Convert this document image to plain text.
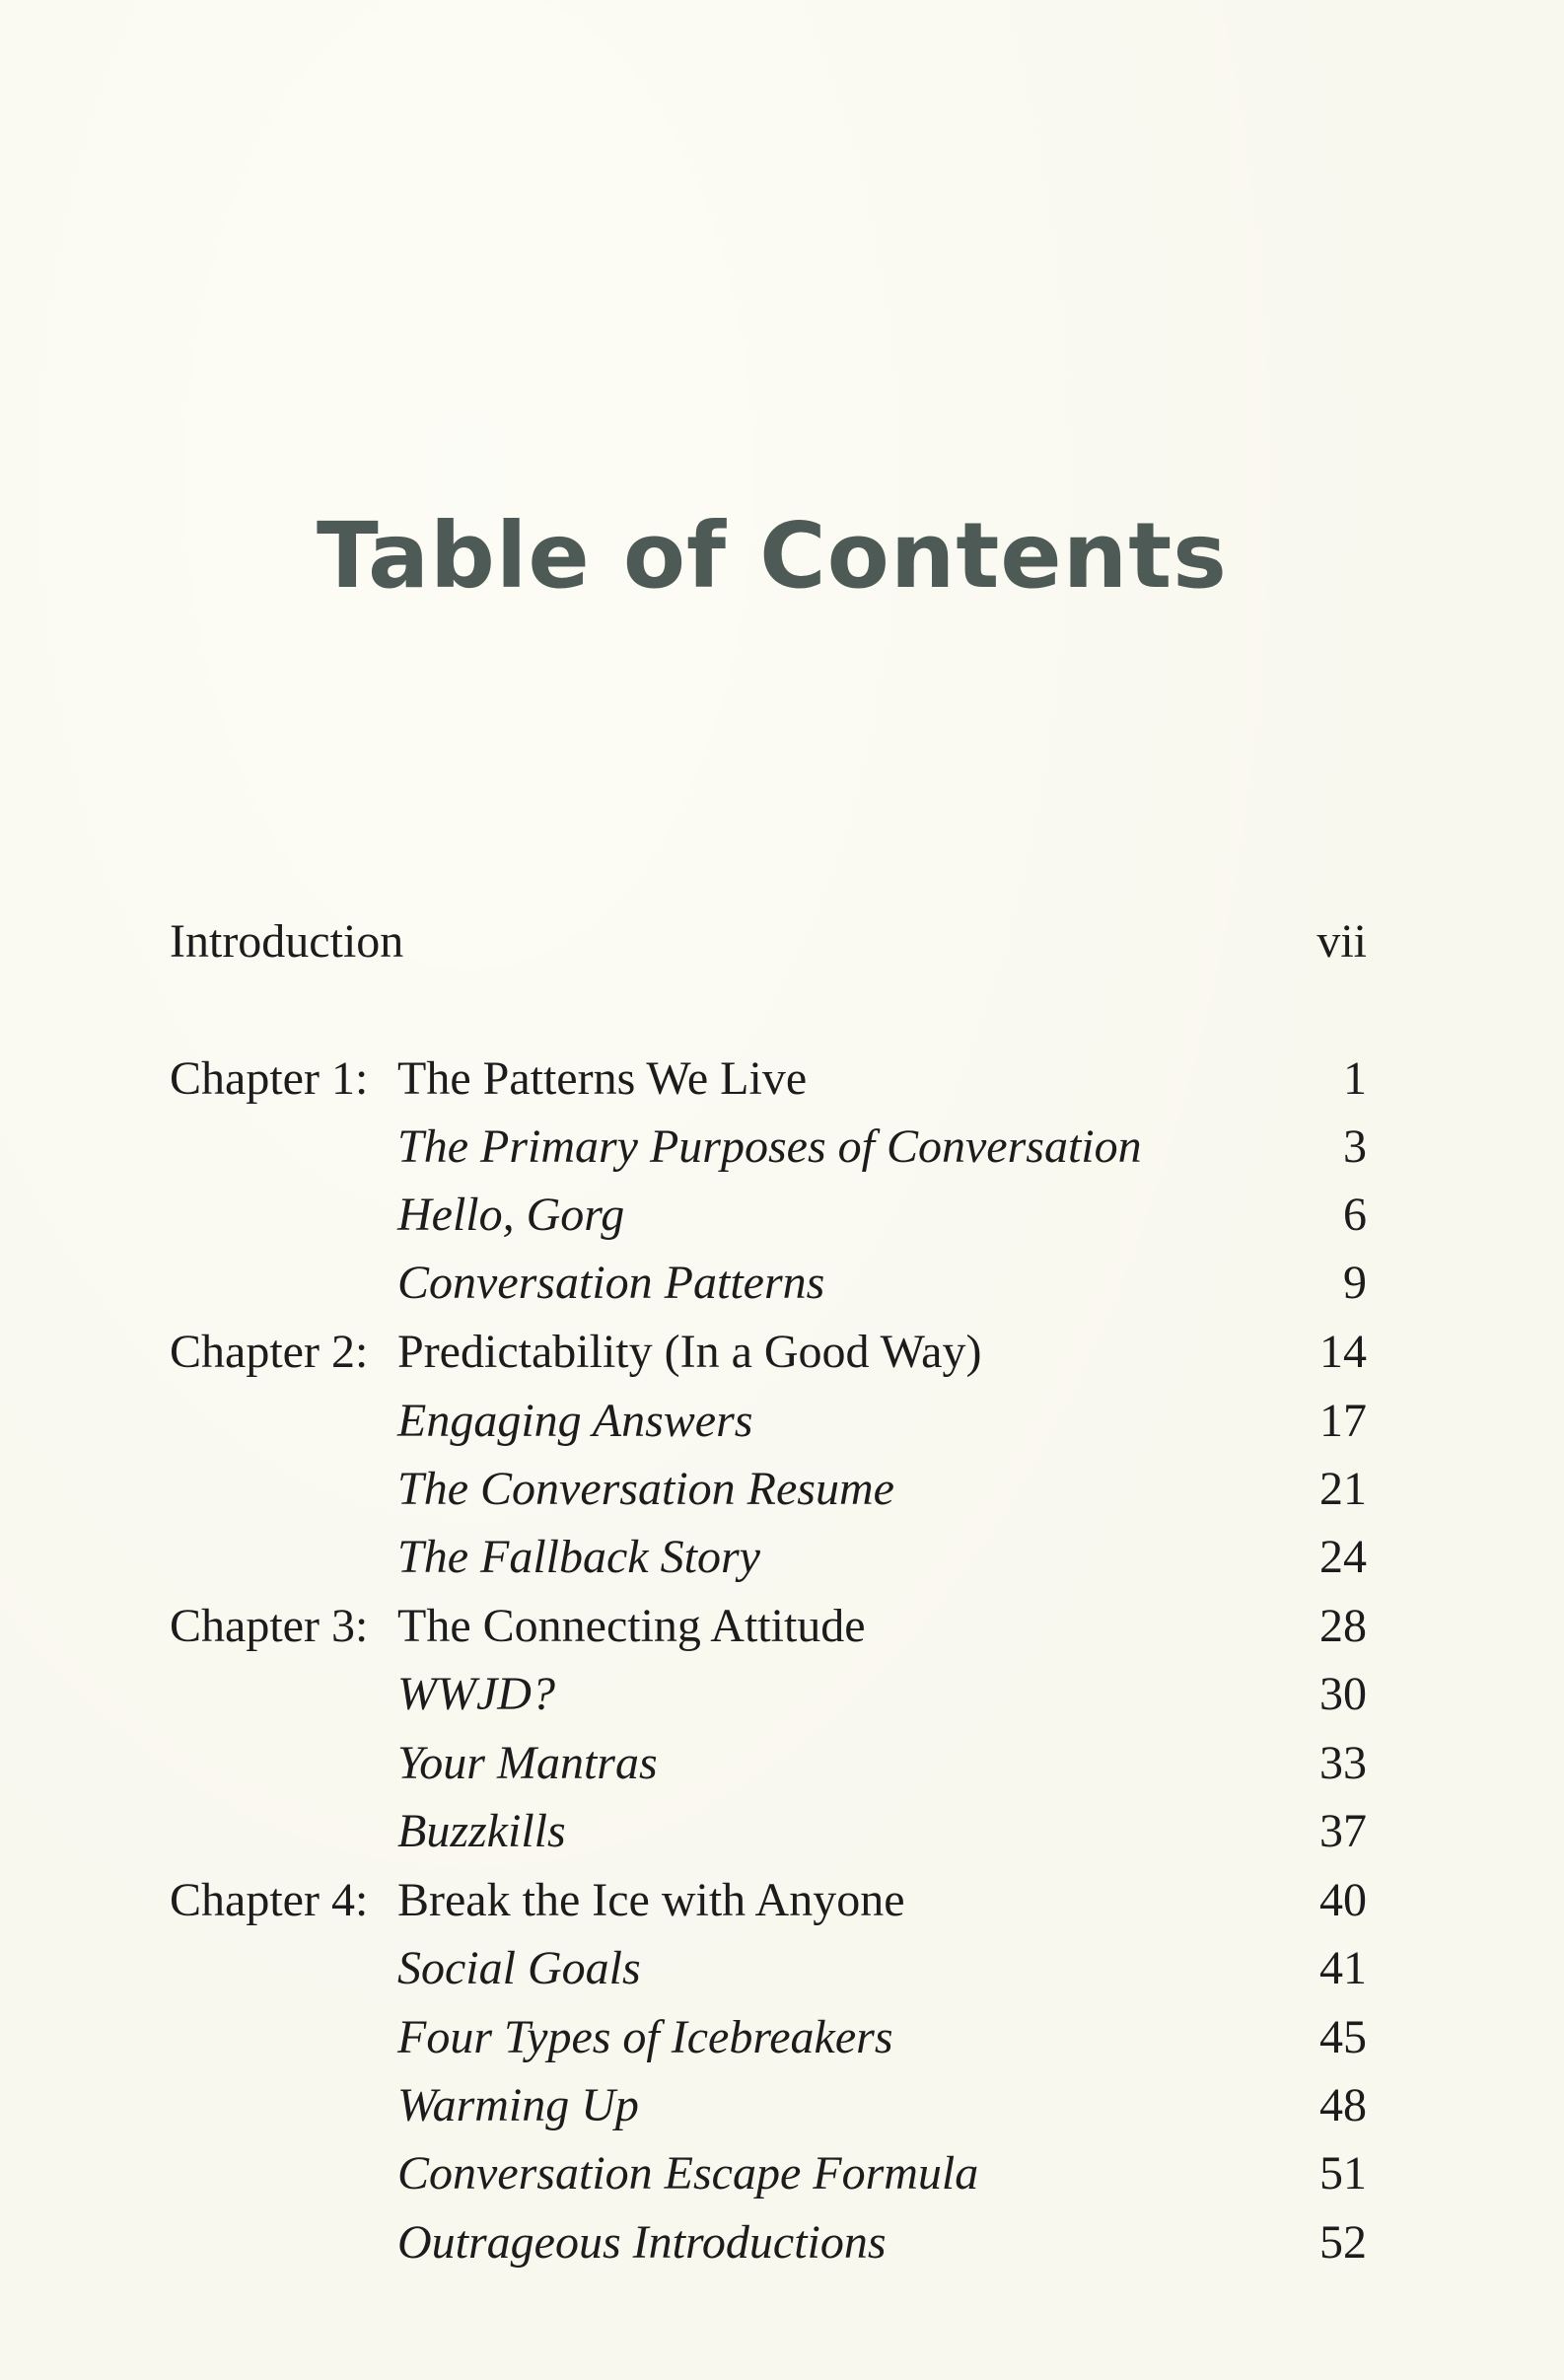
Table of Contents
Introduction	vii
Chapter 1: The Patterns We Live	1
The Primary Purposes of Conversation	3
Hello, Gorg	6
Conversation Patterns	9
Chapter 2: Predictability (In a Good Way)	14
Engaging Answers	17
The Conversation Resume	21
The Fallback Story	24
Chapter 3: The Connecting Attitude	28
WWJD?	30
Your Mantras	33
Buzzkills	37
Chapter 4: Break the Ice with Anyone	40
Social Goals	41
Four Types of Icebreakers	45
Warming Up	48
Conversation Escape Formula	51
Outrageous Introductions	52
